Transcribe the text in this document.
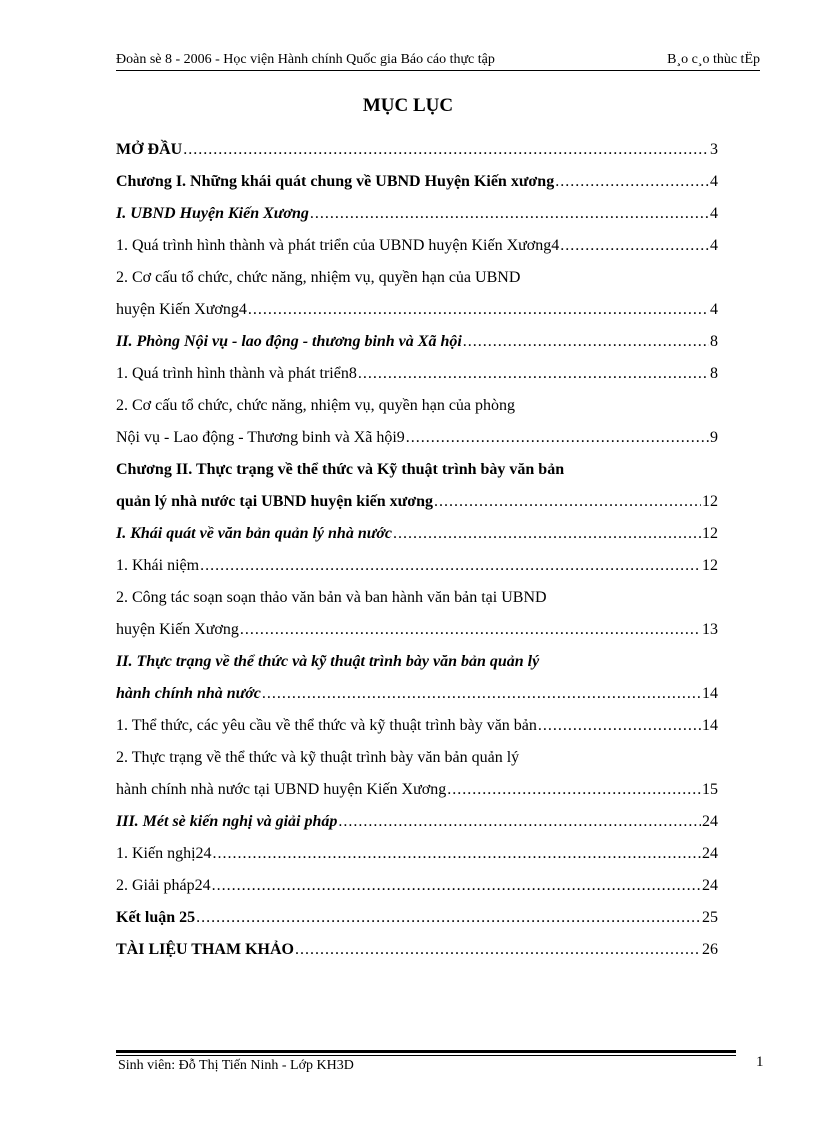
Đoàn sè 8 - 2006 - Học viện Hành chính Quốc gia Báo cáo thực tập	B¸o c¸o thùc tËp
MỤC LỤC
MỞ ĐẦU .....	3
Chương I. Những khái quát chung về UBND Huyện Kiến xương .....	4
I. UBND Huyện Kiến Xương .....	4
1. Quá trình hình thành và phát triển của UBND huyện Kiến Xương4 .....	4
2. Cơ cấu tổ chức, chức năng, nhiệm vụ, quyền hạn của UBND
huyện Kiến Xương4 .....	4
II. Phòng Nội vụ - lao động - thương binh và Xã hội .....	8
1. Quá trình hình thành và phát triển8 .....	8
2. Cơ cấu tổ chức, chức năng, nhiệm vụ, quyền hạn của phòng
Nội vụ - Lao động - Thương binh và Xã hội9 .....	9
Chương II. Thực trạng về thể thức và Kỹ thuật trình bày văn bản
quản lý nhà nước tại UBND huyện kiến xương .....	12
I. Khái quát về văn bản quản lý nhà nước .....	12
1. Khái niệm .....	12
2. Công tác soạn soạn thảo văn bản và ban hành văn bản tại UBND
huyện Kiến Xương .....	13
II. Thực trạng về thể thức và kỹ thuật trình bày văn bản quản lý
hành chính nhà nước .....	14
1. Thể thức, các yêu cầu về thể thức và kỹ thuật trình bày văn bản .....	14
2. Thực trạng về thể thức và kỹ thuật trình bày văn bản quản lý
hành chính nhà nước tại UBND huyện Kiến Xương .....	15
III. Mét sè kiến nghị và giải pháp .....	24
1. Kiến nghị24 .....	24
2. Giải pháp24 .....	24
Kết luận 25 .....	25
TÀI LIỆU THAM KHẢO .....	26
Sinh viên: Đỗ Thị Tiến Ninh - Lớp KH3D	1
